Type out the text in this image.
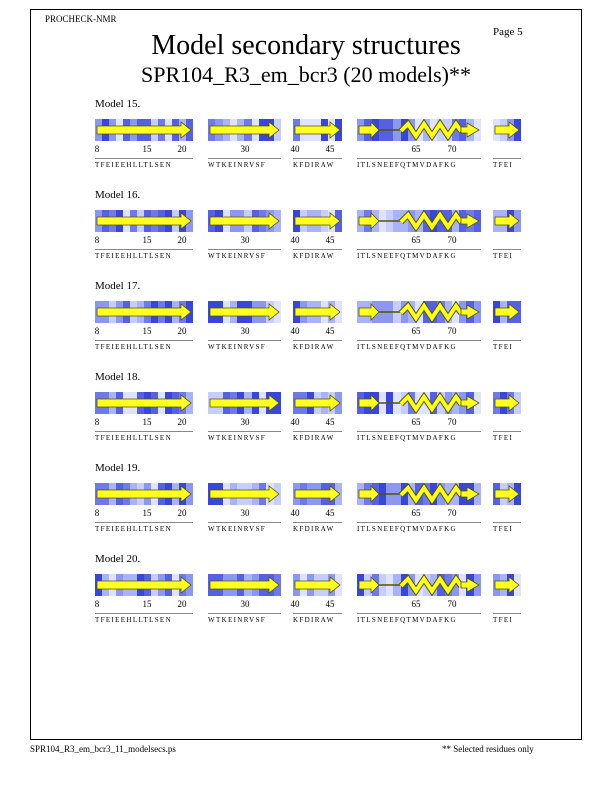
PROCHECK-NMR
Page 5
Model secondary structures
SPR104_R3_em_bcr3 (20 models)**
Model 15.
8	15	20
TFEIEEHLLTLSEN
30
WTKEINRVSF
40	45
KFDIRAW
65	70
ITLSNEEFQTMVDAFKG	TFEI
Model 16.
8	15	20
TFEIEEHLLTLSEN
30
WTKEINRVSF
40	45
KFDIRAW
65	70
ITLSNEEFQTMVDAFKG	TFEI
Model 17.
8	15	20
TFEIEEHLLTLSEN
30
WTKEINRVSF
40	45
KFDIRAW
65	70
ITLSNEEFQTMVDAFKG	TFEI
Model 18.
8	15	20
TFEIEEHLLTLSEN
30
WTKEINRVSF
40	45
KFDIRAW
65	70
ITLSNEEFQTMVDAFKG	TFEI
Model 19.
8	15	20
TFEIEEHLLTLSEN
30
WTKEINRVSF
40	45
KFDIRAW
65	70
ITLSNEEFQTMVDAFKG	TFEI
Model 20.
8	15	20
TFEIEEHLLTLSEN
30
WTKEINRVSF
40	45
KFDIRAW
65	70
ITLSNEEFQTMVDAFKG	TFEI
SPR104_R3_em_bcr3_11_modelsecs.ps	** Selected residues only
